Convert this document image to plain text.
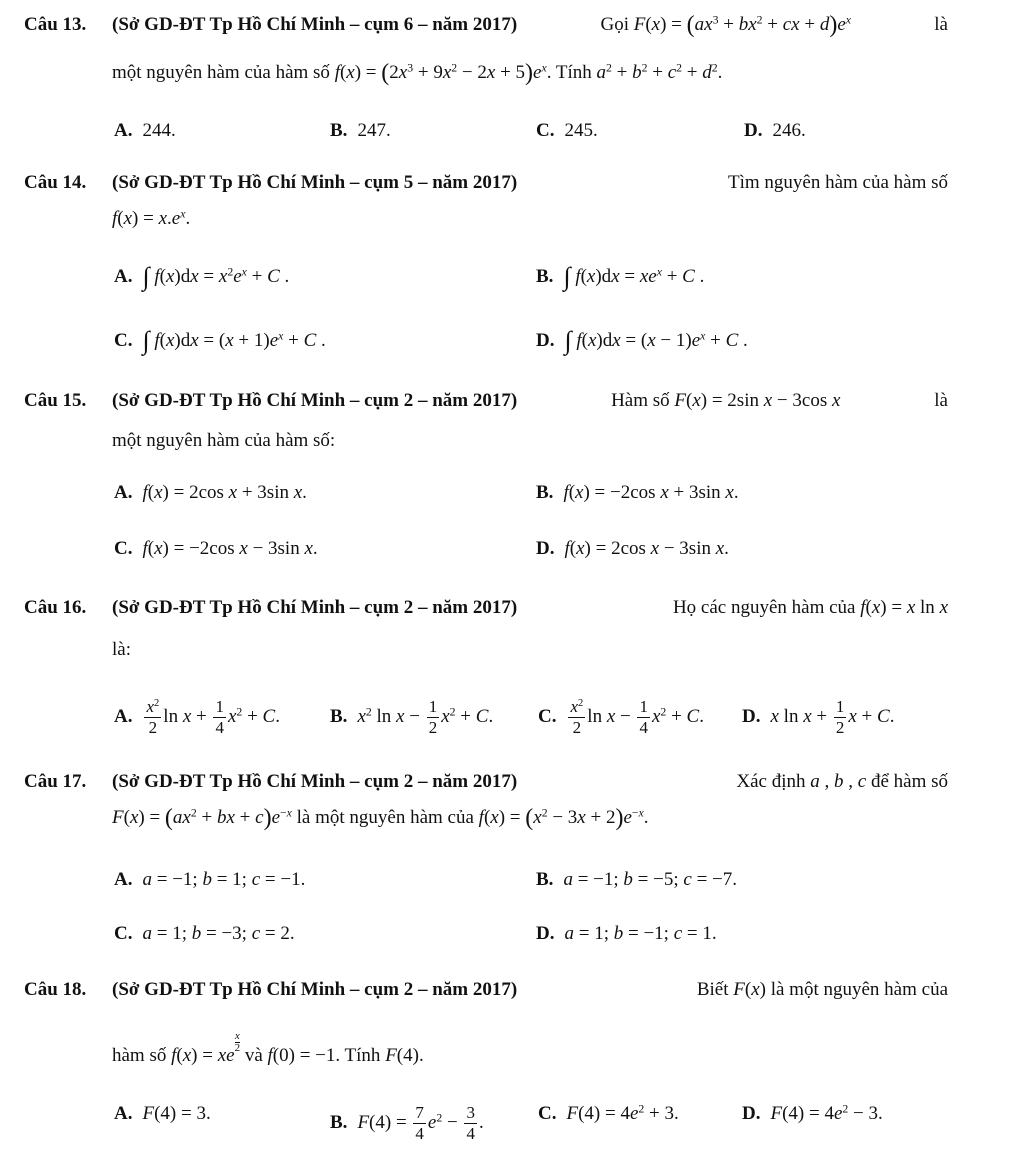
Câu 13. (Sở GD-ĐT Tp Hồ Chí Minh – cụm 6 – năm 2017)	Gọi $F(x) = (ax^3 + bx^2$ + cx + $d)e^x$	là
một nguyên hàm của hàm số $f(x) = (2x^3 + 9x^2 - 2x + 5)e^x$. Tính $a^2 + b^2 + c^2 + d^2$.
A. 244.	B. 247.	C. 245.	D. 246.
Câu 14. (Sở GD-ĐT Tp Hồ Chí Minh – cụm 5 – năm 2017)	Tìm nguyên hàm của hàm số
$f(x) = x.e^x$.
A. ∫ $f(x)dx = x^2e^x + C$ .	B. ∫ $f(x)dx = xe^x + C$ .
C. ∫ $f(x)dx = (x + 1)e^x + C$ .	D. ∫ $f(x)dx = (x - 1)e^x + C$ .
Câu 15. (Sở GD-ĐT Tp Hồ Chí Minh – cụm 2 – năm 2017)	Hàm số F(x) = 2sin x − 3cos x	là
một nguyên hàm của hàm số:
A. f(x) = 2cos x + 3sin x.	B. f(x) = −2cos x + 3sin x.
C. f(x) = −2cos x − 3sin x.	D. f(x) = 2cos x − 3sin x.
Câu 16. (Sở GD-ĐT Tp Hồ Chí Minh – cụm 2 – năm 2017)	Họ các nguyên hàm của f(x) = x ln x
là:
A. $\frac{x^2}{2}$ $\ln x + \frac{1}{4} x^2 + C$.	B. $x^2$ $\ln x - \frac{1}{2} x^2 + C$. C. $\frac{x^2}{2}$ $\ln x - \frac{1}{4} x^2 + C$. D. x $\ln x + \frac{1}{2}$ x + C.
Câu 17. (Sở GD-ĐT Tp Hồ Chí Minh – cụm 2 – năm 2017)	Xác định a , b , c để hàm số
$F(x) = (ax^2$ + bx + $c)e^{-x}$ là một nguyên hàm của $f(x) = (x^2 - 3x + 2)e^{-x}$.
A. a = −1; b = 1; c = −1.	B. a = −1; b = −5; c = −7.
C. a = 1; b = −3; c = 2.	D. a = 1; b = −1; c = 1.
Câu 18. (Sở GD-ĐT Tp Hồ Chí Minh – cụm 2 – năm 2017)	Biết F(x) là một nguyên hàm của
hàm số f(x) = xe
$\frac{x}{2}$
và f(0) = −1. Tính F(4).
A. F(4) = 3.	B. $F(4) = \frac{7}{4} e^2 - \frac{3}{4}$ .	C. $F(4) = 4e^2 + 3$.	D. $F(4) = 4e^2 - 3$.
